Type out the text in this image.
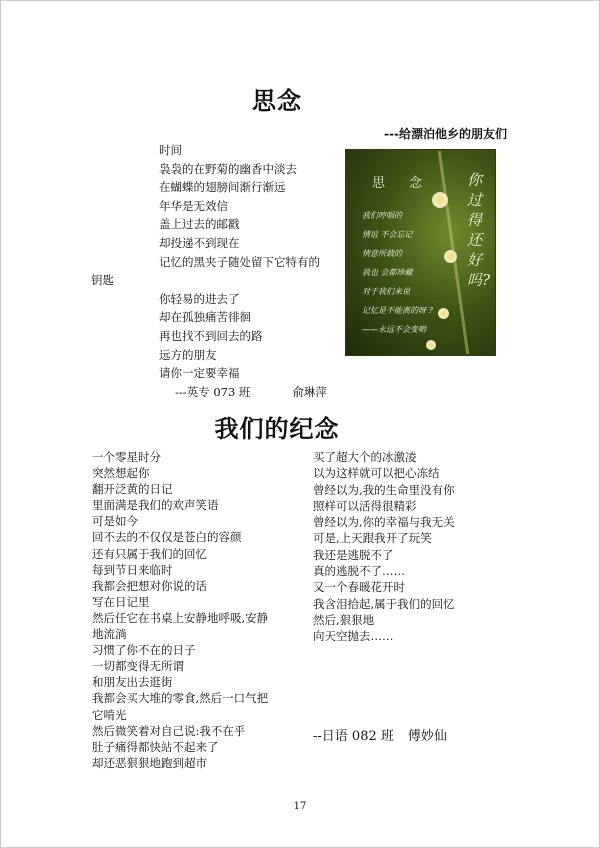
思念
---给漂泊他乡的朋友们
时间
袅袅的在野菊的幽香中淡去
在蝴蝶的翅膀间渐行渐远
年华是无效信
盖上过去的邮戳
却投递不到现在
记忆的黑夹子随处留下它特有的
钥匙
你轻易的进去了
却在孤独痛苦徘徊
再也找不到回去的路
远方的朋友
请你一定要幸福
---英专 073 班	俞琳萍
思 念
我们哼唱的
情谊 不会忘记
情意所载的
我也 会都珍藏
对于我们来说
记忆是不能离的呀 ?
——永远不会变哟
你过得还好吗?
我们的纪念
一个零星时分
突然想起你
翻开泛黄的日记
里面满是我们的欢声笑语
可是如今
回不去的不仅仅是苍白的容颜
还有只属于我们的回忆
每到节日来临时
我都会把想对你说的话
写在日记里
然后任它在书桌上安静地呼吸,安静
地流淌
习惯了你不在的日子
一切都变得无所谓
和朋友出去逛街
我都会买大堆的零食,然后一口气把
它啃光
然后微笑着对自己说:我不在乎
肚子痛得都快站不起来了
却还恶狠狠地跑到超市
买了超大个的冰激凌
以为这样就可以把心冻结
曾经以为,我的生命里没有你
照样可以活得很精彩
曾经以为,你的幸福与我无关
可是,上天跟我开了玩笑
我还是逃脱不了
真的逃脱不了……
又一个春暖花开时
我含泪拾起,属于我们的回忆
然后,狠狠地
向天空抛去……
--日语 082 班 傅妙仙
17
